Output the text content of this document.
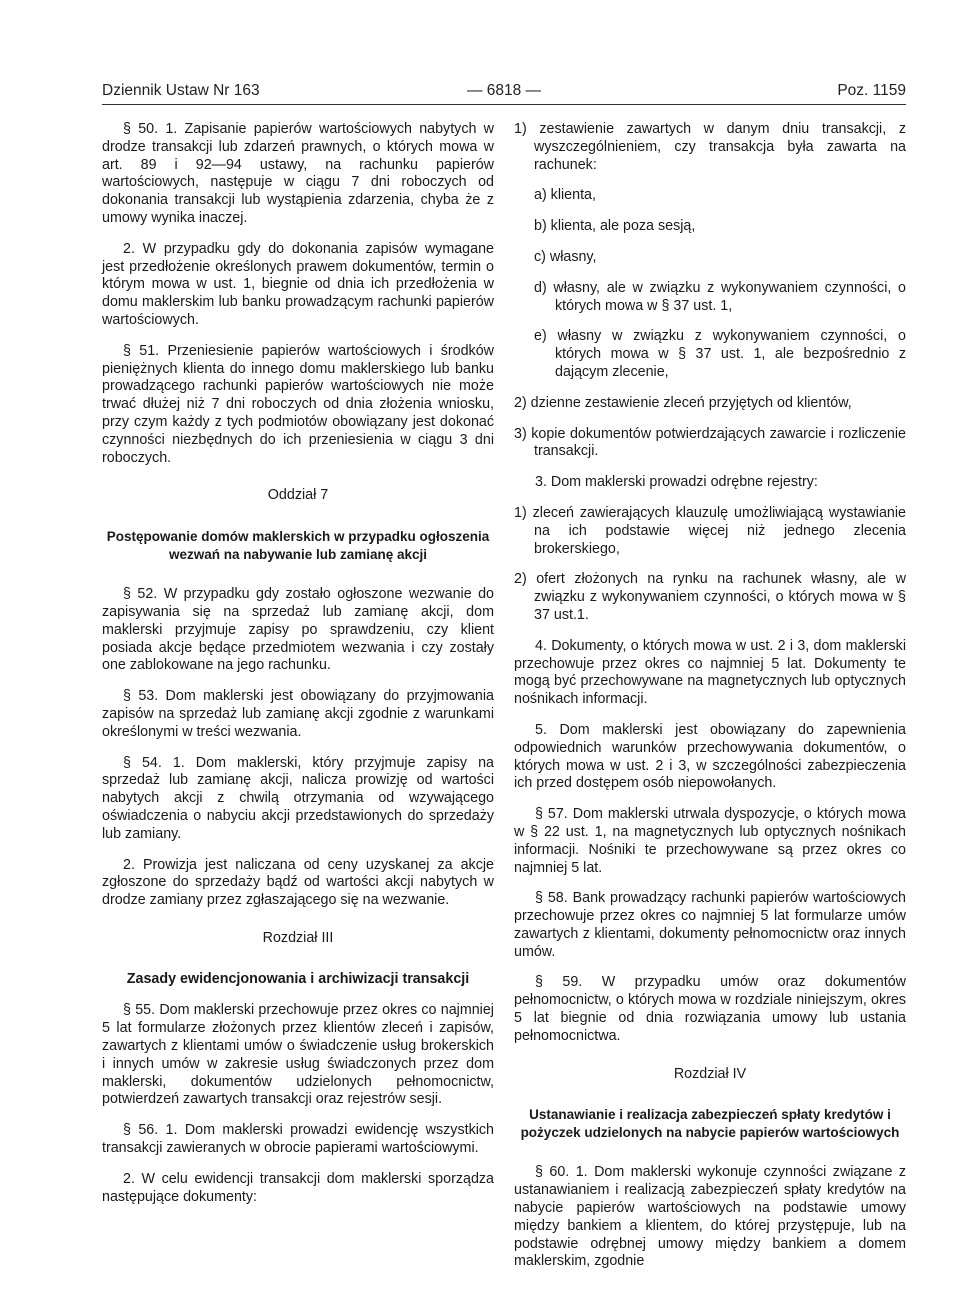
Dziennik Ustaw Nr 163	— 6818 —	Poz. 1159

§ 50. 1. Zapisanie papierów wartościowych nabytych w drodze transakcji lub zdarzeń prawnych, o których mowa w art. 89 i 92—94 ustawy, na rachunku papierów wartościowych, następuje w ciągu 7 dni roboczych od dokonania transakcji lub wystąpienia zdarzenia, chyba że z umowy wynika inaczej.

2. W przypadku gdy do dokonania zapisów wymagane jest przedłożenie określonych prawem dokumentów, termin o którym mowa w ust. 1, biegnie od dnia ich przedłożenia w domu maklerskim lub banku prowadzącym rachunki papierów wartościowych.

§ 51. Przeniesienie papierów wartościowych i środków pieniężnych klienta do innego domu maklerskiego lub banku prowadzącego rachunki papierów wartościowych nie może trwać dłużej niż 7 dni roboczych od dnia złożenia wniosku, przy czym każdy z tych podmiotów obowiązany jest dokonać czynności niezbędnych do ich przeniesienia w ciągu 3 dni roboczych.

Oddział 7

Postępowanie domów maklerskich w przypadku ogłoszenia wezwań na nabywanie lub zamianę akcji

§ 52. W przypadku gdy zostało ogłoszone wezwanie do zapisywania się na sprzedaż lub zamianę akcji, dom maklerski przyjmuje zapisy po sprawdzeniu, czy klient posiada akcje będące przedmiotem wezwania i czy zostały one zablokowane na jego rachunku.

§ 53. Dom maklerski jest obowiązany do przyjmowania zapisów na sprzedaż lub zamianę akcji zgodnie z warunkami określonymi w treści wezwania.

§ 54. 1. Dom maklerski, który przyjmuje zapisy na sprzedaż lub zamianę akcji, nalicza prowizję od wartości nabytych akcji z chwilą otrzymania od wzywającego oświadczenia o nabyciu akcji przedstawionych do sprzedaży lub zamiany.

2. Prowizja jest naliczana od ceny uzyskanej za akcje zgłoszone do sprzedaży bądź od wartości akcji nabytych w drodze zamiany przez zgłaszającego się na wezwanie.

Rozdział III

Zasady ewidencjonowania i archiwizacji transakcji

§ 55. Dom maklerski przechowuje przez okres co najmniej 5 lat formularze złożonych przez klientów zleceń i zapisów, zawartych z klientami umów o świadczenie usług brokerskich i innych umów w zakresie usług świadczonych przez dom maklerski, dokumentów udzielonych pełnomocnictw, potwierdzeń zawartych transakcji oraz rejestrów sesji.

§ 56. 1. Dom maklerski prowadzi ewidencję wszystkich transakcji zawieranych w obrocie papierami wartościowymi.

2. W celu ewidencji transakcji dom maklerski sporządza następujące dokumenty:

1) zestawienie zawartych w danym dniu transakcji, z wyszczególnieniem, czy transakcja była zawarta na rachunek:

a) klienta,

b) klienta, ale poza sesją,

c) własny,

d) własny, ale w związku z wykonywaniem czynności, o których mowa w § 37 ust. 1,

e) własny w związku z wykonywaniem czynności, o których mowa w § 37 ust. 1, ale bezpośrednio z dającym zlecenie,

2) dzienne zestawienie zleceń przyjętych od klientów,

3) kopie dokumentów potwierdzających zawarcie i rozliczenie transakcji.

3. Dom maklerski prowadzi odrębne rejestry:

1) zleceń zawierających klauzulę umożliwiającą wystawianie na ich podstawie więcej niż jednego zlecenia brokerskiego,

2) ofert złożonych na rynku na rachunek własny, ale w związku z wykonywaniem czynności, o których mowa w § 37 ust.1.

4. Dokumenty, o których mowa w ust. 2 i 3, dom maklerski przechowuje przez okres co najmniej 5 lat. Dokumenty te mogą być przechowywane na magnetycznych lub optycznych nośnikach informacji.

5. Dom maklerski jest obowiązany do zapewnienia odpowiednich warunków przechowywania dokumentów, o których mowa w ust. 2 i 3, w szczególności zabezpieczenia ich przed dostępem osób niepowołanych.

§ 57. Dom maklerski utrwala dyspozycje, o których mowa w § 22 ust. 1, na magnetycznych lub optycznych nośnikach informacji. Nośniki te przechowywane są przez okres co najmniej 5 lat.

§ 58. Bank prowadzący rachunki papierów wartościowych przechowuje przez okres co najmniej 5 lat formularze umów zawartych z klientami, dokumenty pełnomocnictw oraz innych umów.

§ 59. W przypadku umów oraz dokumentów pełnomocnictw, o których mowa w rozdziale niniejszym, okres 5 lat biegnie od dnia rozwiązania umowy lub ustania pełnomocnictwa.

Rozdział IV

Ustanawianie i realizacja zabezpieczeń spłaty kredytów i pożyczek udzielonych na nabycie papierów wartościowych

§ 60. 1. Dom maklerski wykonuje czynności związane z ustanawianiem i realizacją zabezpieczeń spłaty kredytów na nabycie papierów wartościowych na podstawie umowy między bankiem a klientem, do której przystępuje, lub na podstawie odrębnej umowy między bankiem a domem maklerskim, zgodnie
